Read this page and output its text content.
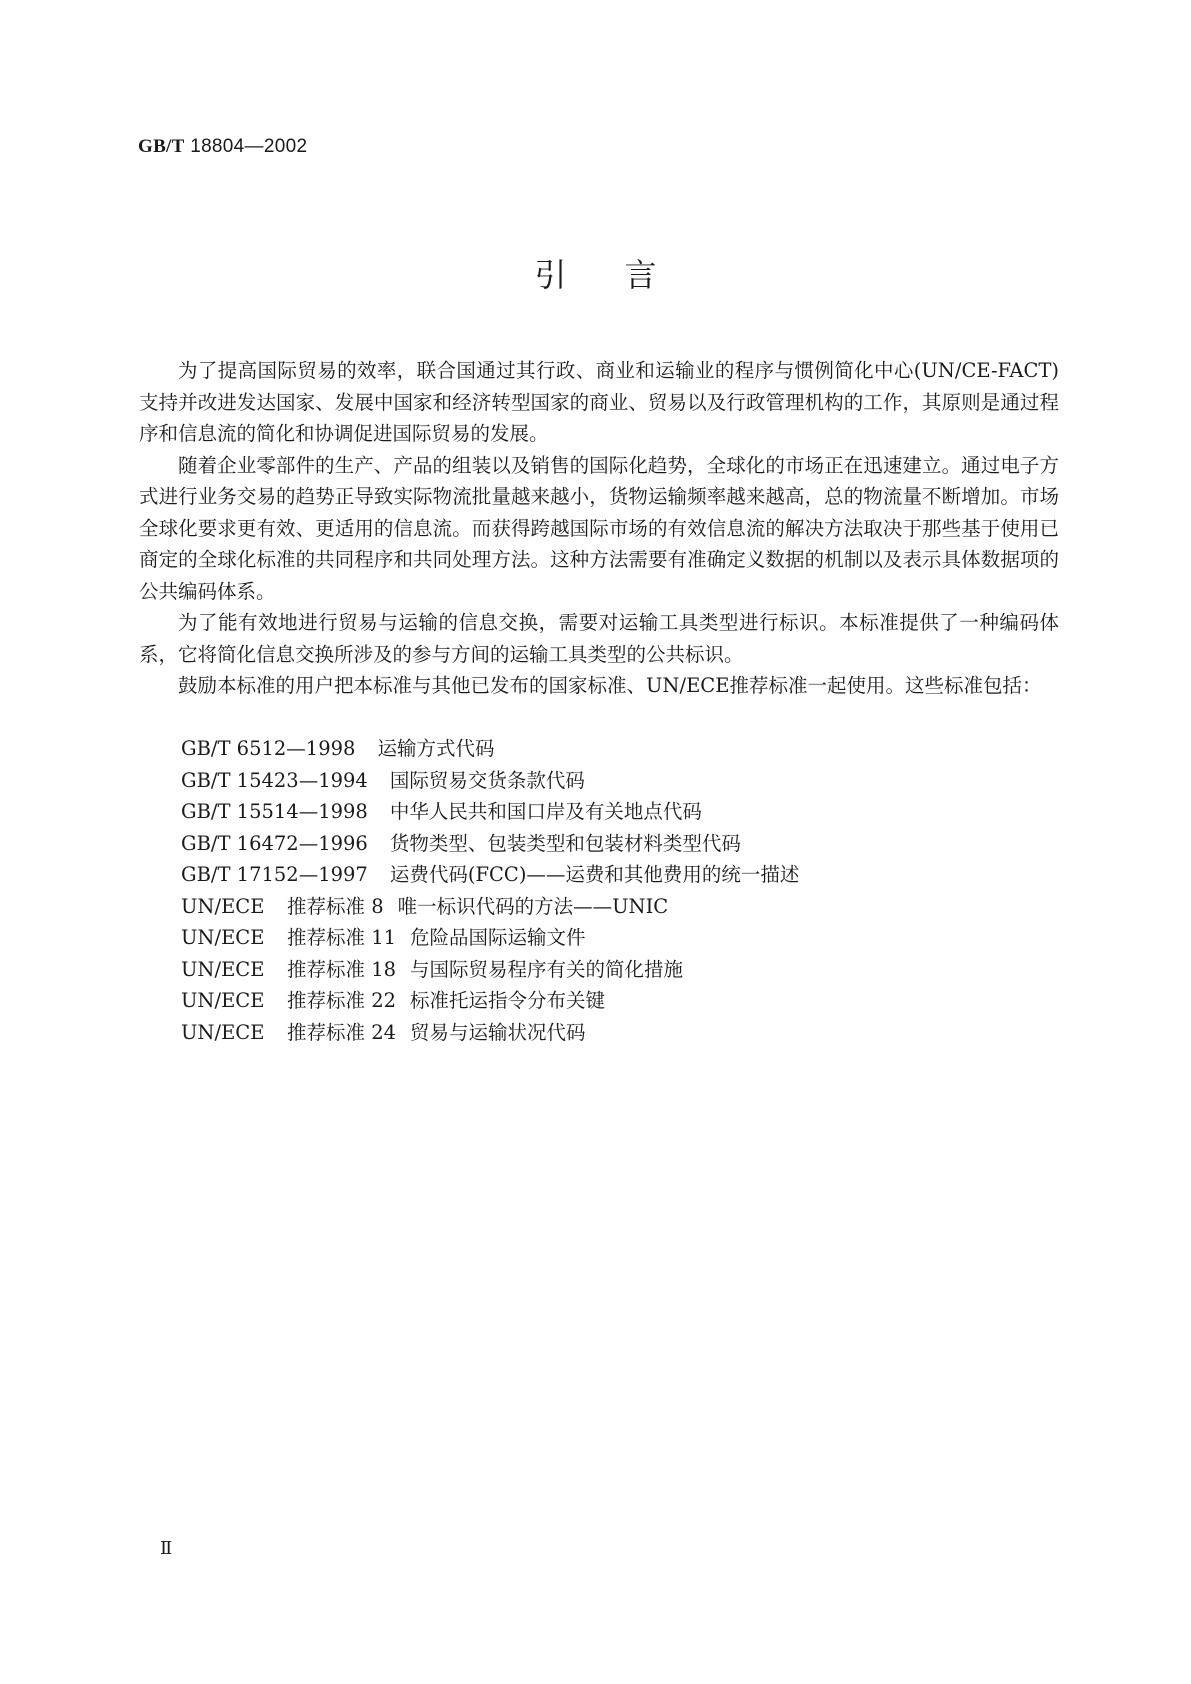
GB/T 18804—2002
引言

为了提高国际贸易的效率，联合国通过其行政、商业和运输业的程序与惯例简化中心(UN/CE-FACT)支持并改进发达国家、发展中国家和经济转型国家的商业、贸易以及行政管理机构的工作，其原则是通过程序和信息流的简化和协调促进国际贸易的发展。

随着企业零部件的生产、产品的组装以及销售的国际化趋势，全球化的市场正在迅速建立。通过电子方式进行业务交易的趋势正导致实际物流批量越来越小，货物运输频率越来越高，总的物流量不断增加。市场全球化要求更有效、更适用的信息流。而获得跨越国际市场的有效信息流的解决方法取决于那些基于使用已商定的全球化标准的共同程序和共同处理方法。这种方法需要有准确定义数据的机制以及表示具体数据项的公共编码体系。

为了能有效地进行贸易与运输的信息交换，需要对运输工具类型进行标识。本标准提供了一种编码体系，它将简化信息交换所涉及的参与方间的运输工具类型的公共标识。

鼓励本标准的用户把本标准与其他已发布的国家标准、UN/ECE推荐标准一起使用。这些标准包括：

GB/T 6512—1998 运输方式代码
GB/T 15423—1994 国际贸易交货条款代码
GB/T 15514—1998 中华人民共和国口岸及有关地点代码
GB/T 16472—1996 货物类型、包装类型和包装材料类型代码
GB/T 17152—1997 运费代码(FCC)——运费和其他费用的统一描述
UN/ECE 推荐标准 8 唯一标识代码的方法——UNIC
UN/ECE 推荐标准 11 危险品国际运输文件
UN/ECE 推荐标准 18 与国际贸易程序有关的简化措施
UN/ECE 推荐标准 22 标准托运指令分布关键
UN/ECE 推荐标准 24 贸易与运输状况代码
Ⅱ
